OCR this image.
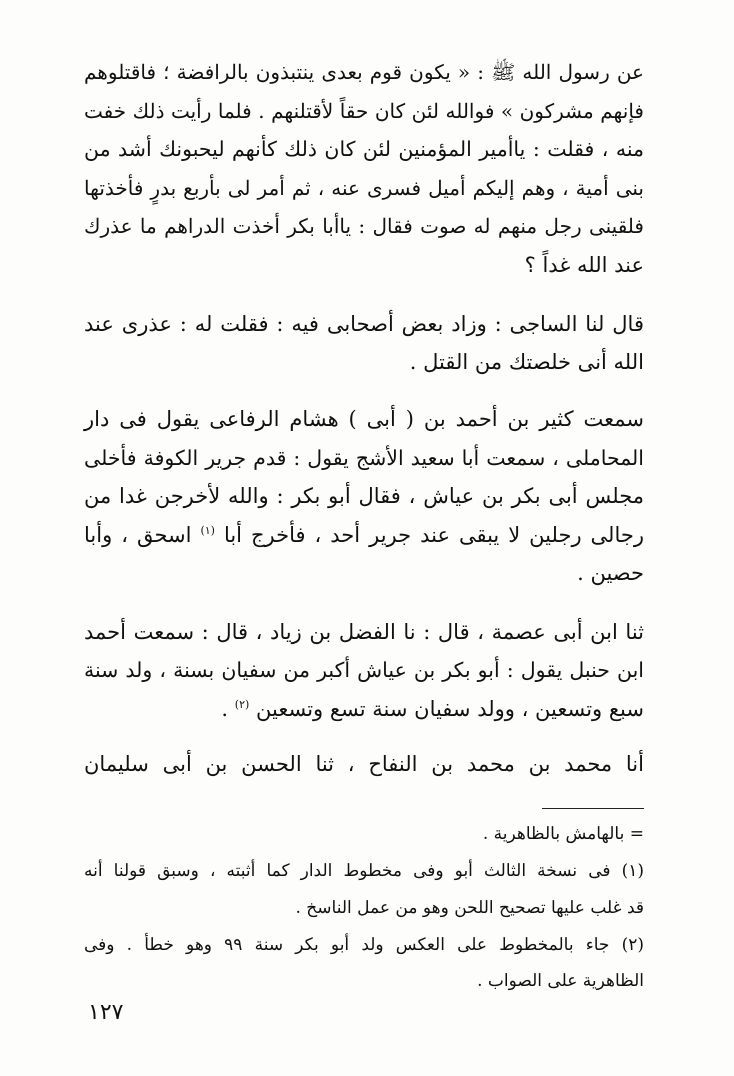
عن رسول الله ﷺ : « يكون قوم بعدى ينتبذون بالرافضة ؛ فاقتلوهم
فإنهم مشركون » فوالله لئن كان حقاً لأقتلنهم . فلما رأيت ذلك خفت
منه ، فقلت : ياأمير المؤمنين لئن كان ذلك كأنهم ليحبونك أشد من
بنى أمية ، وهم إليكم أميل فسرى عنه ، ثم أمر لى بأربع بدرٍ فأخذتها
فلقينى رجل منهم له صوت فقال : ياأبا بكر أخذت الدراهم ما عذرك
عند الله غداً ؟
قال لنا الساجى : وزاد بعض أصحابى فيه : فقلت له : عذرى عند
الله أنى خلصتك من القتل .
سمعت كثير بن أحمد بن ( أبى ) هشام الرفاعى يقول فى دار
المحاملى ، سمعت أبا سعيد الأشج يقول : قدم جرير الكوفة فأخلى
مجلس أبى بكر بن عياش ، فقال أبو بكر : والله لأخرجن غدا من
رجالى رجلين لا يبقى عند جرير أحد ، فأخرج أبا $^{(١)}$ اسحق ، وأبا
حصين .
ثنا ابن أبى عصمة ، قال : نا الفضل بن زياد ، قال : سمعت أحمد
ابن حنبل يقول : أبو بكر بن عياش أكبر من سفيان بسنة ، ولد سنة
سبع وتسعين ، وولد سفيان سنة تسع وتسعين $^{(٢)}$ .
أنا محمد بن محمد بن النفاح ، ثنا الحسن بن أبى سليمان
= بالهامش بالظاهرية .
(١) فى نسخة الثالث أبو وفى مخطوط الدار كما أثبته ، وسبق قولنا أنه
قد غلب عليها تصحيح اللحن وهو من عمل الناسخ .
(٢) جاء بالمخطوط على العكس ولد أبو بكر سنة ٩٩ وهو خطأ . وفى
الظاهرية على الصواب .
١٢٧
